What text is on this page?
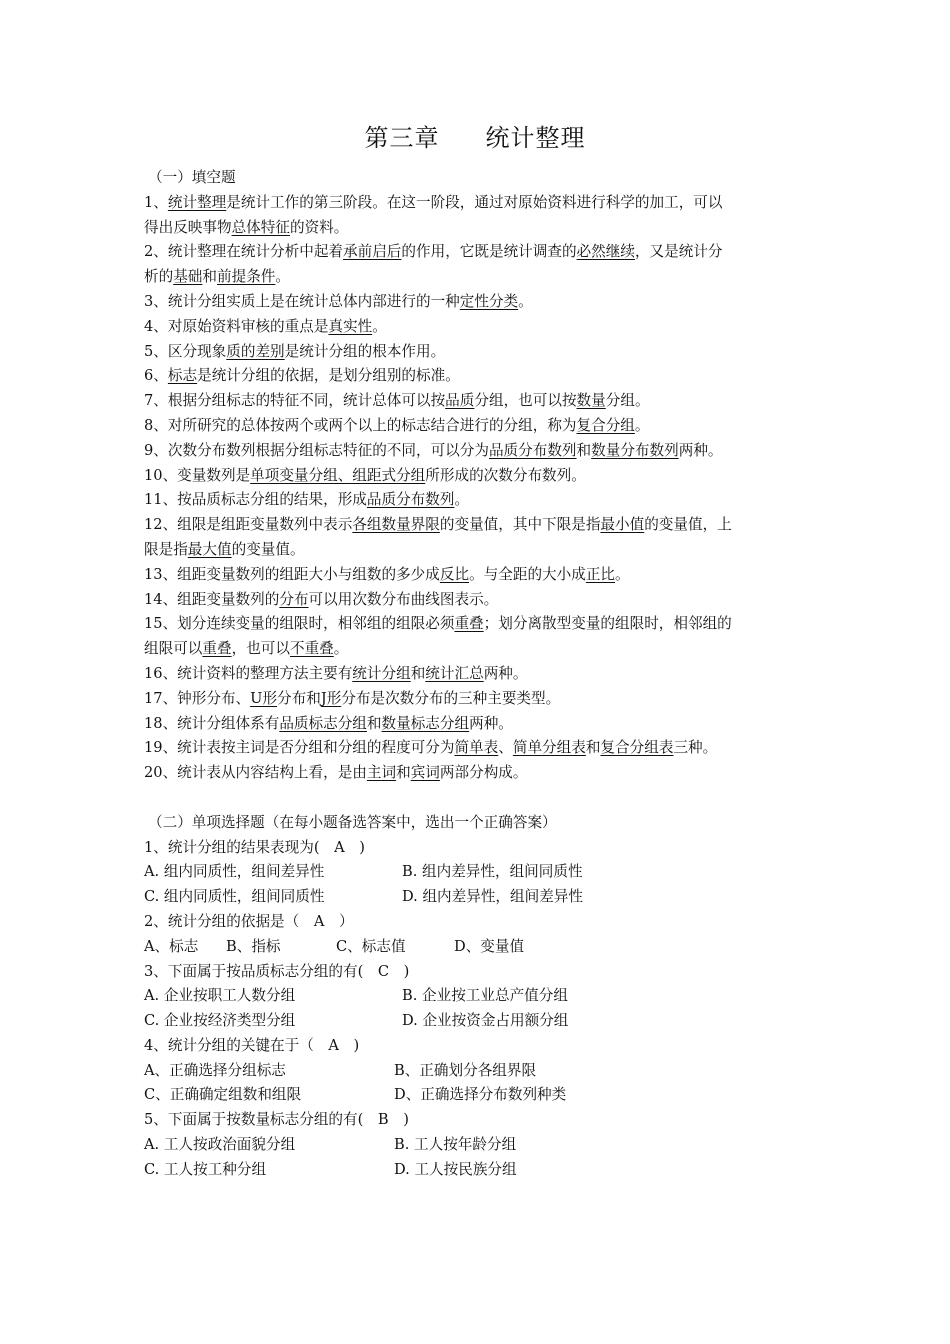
第三章 统计整理
（一）填空题
1、统计整理是统计工作的第三阶段。在这一阶段，通过对原始资料进行科学的加工，可以
得出反映事物总体特征的资料。
2、统计整理在统计分析中起着承前启后的作用，它既是统计调查的必然继续，又是统计分
析的基础和前提条件。
3、统计分组实质上是在统计总体内部进行的一种定性分类。
4、对原始资料审核的重点是真实性。
5、区分现象质的差别是统计分组的根本作用。
6、标志是统计分组的依据，是划分组别的标准。
7、根据分组标志的特征不同，统计总体可以按品质分组，也可以按数量分组。
8、对所研究的总体按两个或两个以上的标志结合进行的分组，称为复合分组。
9、次数分布数列根据分组标志特征的不同，可以分为品质分布数列和数量分布数列两种。
10、变量数列是单项变量分组、组距式分组所形成的次数分布数列。
11、按品质标志分组的结果，形成品质分布数列。
12、组限是组距变量数列中表示各组数量界限的变量值，其中下限是指最小值的变量值，上
限是指最大值的变量值。
13、组距变量数列的组距大小与组数的多少成反比。与全距的大小成正比。
14、组距变量数列的分布可以用次数分布曲线图表示。
15、划分连续变量的组限时，相邻组的组限必须重叠；划分离散型变量的组限时，相邻组的
组限可以重叠，也可以不重叠。
16、统计资料的整理方法主要有统计分组和统计汇总两种。
17、钟形分布、U形分布和J形分布是次数分布的三种主要类型。
18、统计分组体系有品质标志分组和数量标志分组两种。
19、统计表按主词是否分组和分组的程度可分为简单表、简单分组表和复合分组表三种。
20、统计表从内容结构上看，是由主词和宾词两部分构成。
（二）单项选择题（在每小题备选答案中，选出一个正确答案）
1、统计分组的结果表现为(　A　)
A. 组内同质性，组间差异性	B. 组内差异性，组间同质性
C. 组内同质性，组间同质性	D. 组内差异性，组间差异性
2、统计分组的依据是（　A　）
A、标志 B、指标	C、标志值	D、变量值
3、下面属于按品质标志分组的有(　C　)
A. 企业按职工人数分组	B. 企业按工业总产值分组
C. 企业按经济类型分组	D. 企业按资金占用额分组
4、统计分组的关键在于（　A　)
A、正确选择分组标志	B、正确划分各组界限
C、正确确定组数和组限	D、正确选择分布数列种类
5、下面属于按数量标志分组的有(　B　)
A. 工人按政治面貌分组	B. 工人按年龄分组
C. 工人按工种分组	D. 工人按民族分组
